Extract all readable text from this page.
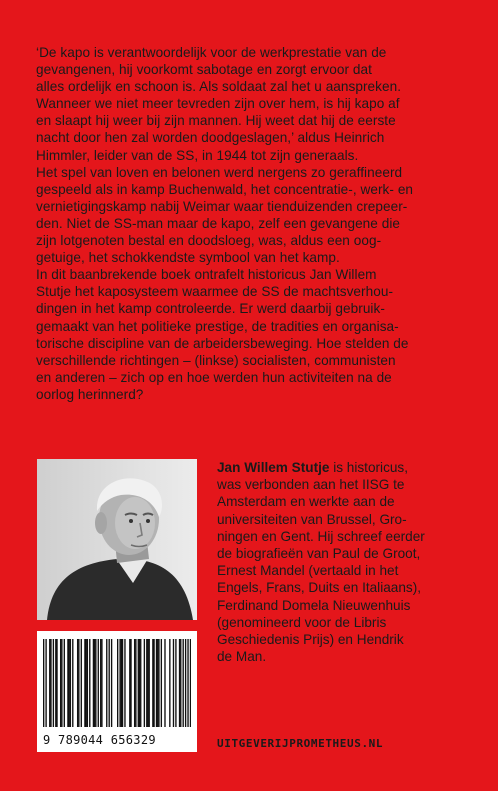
‘De kapo is verantwoordelijk voor de werkprestatie van de
gevangenen, hij voorkomt sabotage en zorgt ervoor dat
alles ordelijk en schoon is. Als soldaat zal het u aanspreken.
Wanneer we niet meer tevreden zijn over hem, is hij kapo af
en slaapt hij weer bij zijn mannen. Hij weet dat hij de eerste
nacht door hen zal worden doodgeslagen,’ aldus Heinrich
Himmler, leider van de SS, in 1944 tot zijn generaals.
Het spel van loven en belonen werd nergens zo geraffineerd
gespeeld als in kamp Buchenwald, het concentratie-, werk- en
vernietigingskamp nabij Weimar waar tienduizenden crepeer-
den. Niet de SS-man maar de kapo, zelf een gevangene die
zijn lotgenoten bestal en doodsloeg, was, aldus een oog-
getuige, het schokkendste symbool van het kamp.
In dit baanbrekende boek ontrafelt historicus Jan Willem
Stutje het kaposysteem waarmee de SS de machtsverhou-
dingen in het kamp controleerde. Er werd daarbij gebruik-
gemaakt van het politieke prestige, de tradities en organisa-
torische discipline van de arbeidersbeweging. Hoe stelden de
verschillende richtingen – (linkse) socialisten, communisten
en anderen – zich op en hoe werden hun activiteiten na de
oorlog herinnerd?
Jan Willem Stutje is historicus,
was verbonden aan het IISG te
Amsterdam en werkte aan de
universiteiten van Brussel, Gro-
ningen en Gent. Hij schreef eerder
de biografieën van Paul de Groot,
Ernest Mandel (vertaald in het
Engels, Frans, Duits en Italiaans),
Ferdinand Domela Nieuwenhuis
(genomineerd voor de Libris
Geschiedenis Prijs) en Hendrik
de Man.
9 789044 656329	UITGEVERIJPROMETHEUS.NL
